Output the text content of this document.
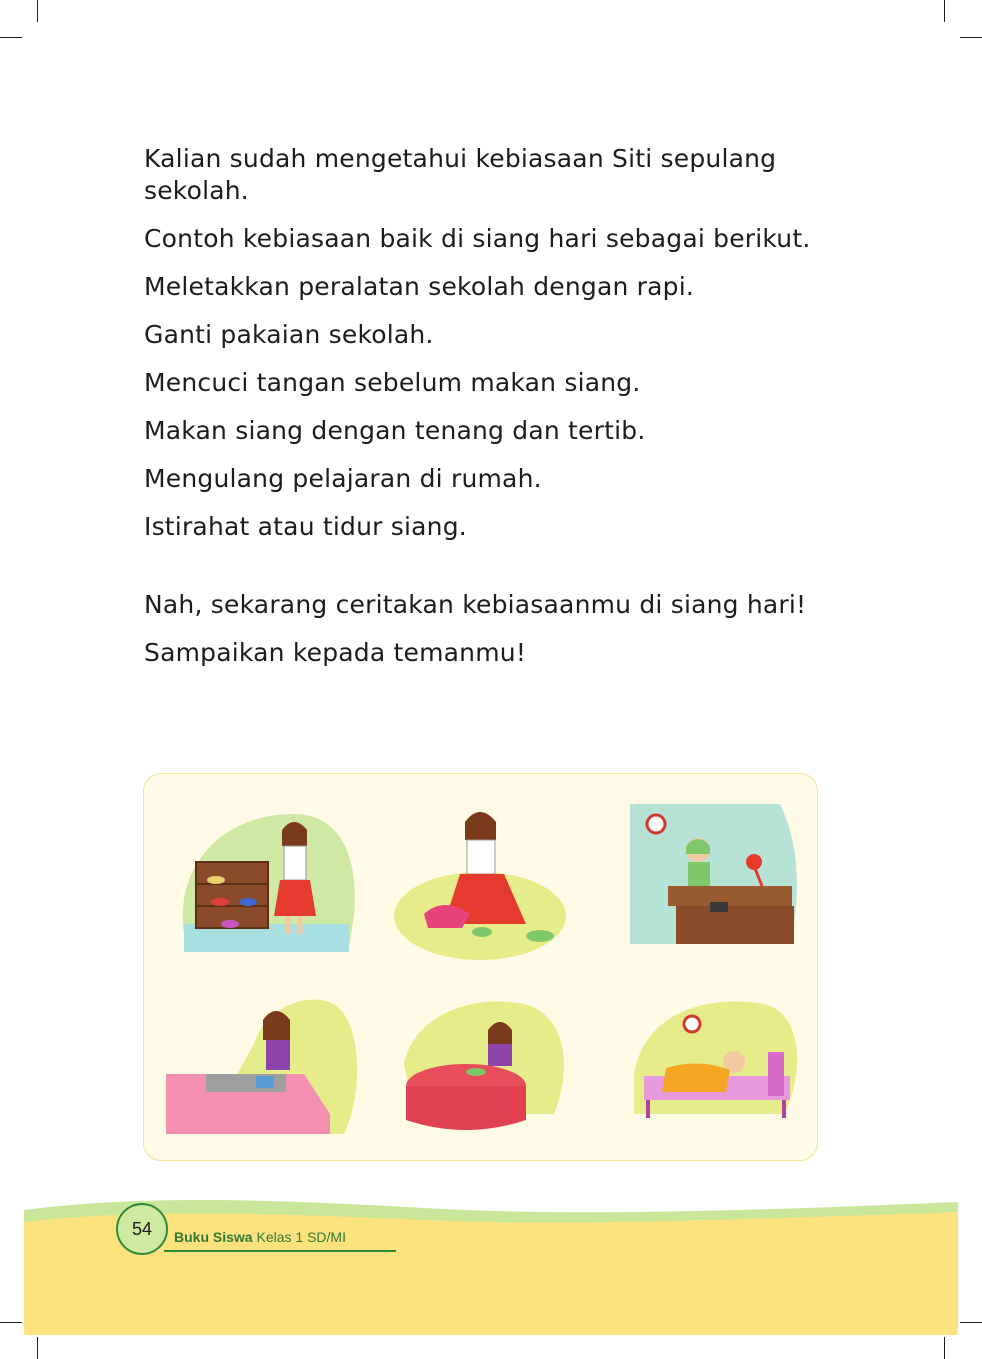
Kalian sudah mengetahui kebiasaan Siti sepulang sekolah.

Contoh kebiasaan baik di siang hari sebagai berikut.

Meletakkan peralatan sekolah dengan rapi.

Ganti pakaian sekolah.

Mencuci tangan sebelum makan siang.

Makan siang dengan tenang dan tertib.

Mengulang pelajaran di rumah.

Istirahat atau tidur siang.

Nah, sekarang ceritakan kebiasaanmu di siang hari!

Sampaikan kepada temanmu!

54	Buku Siswa Kelas 1 SD/MI
